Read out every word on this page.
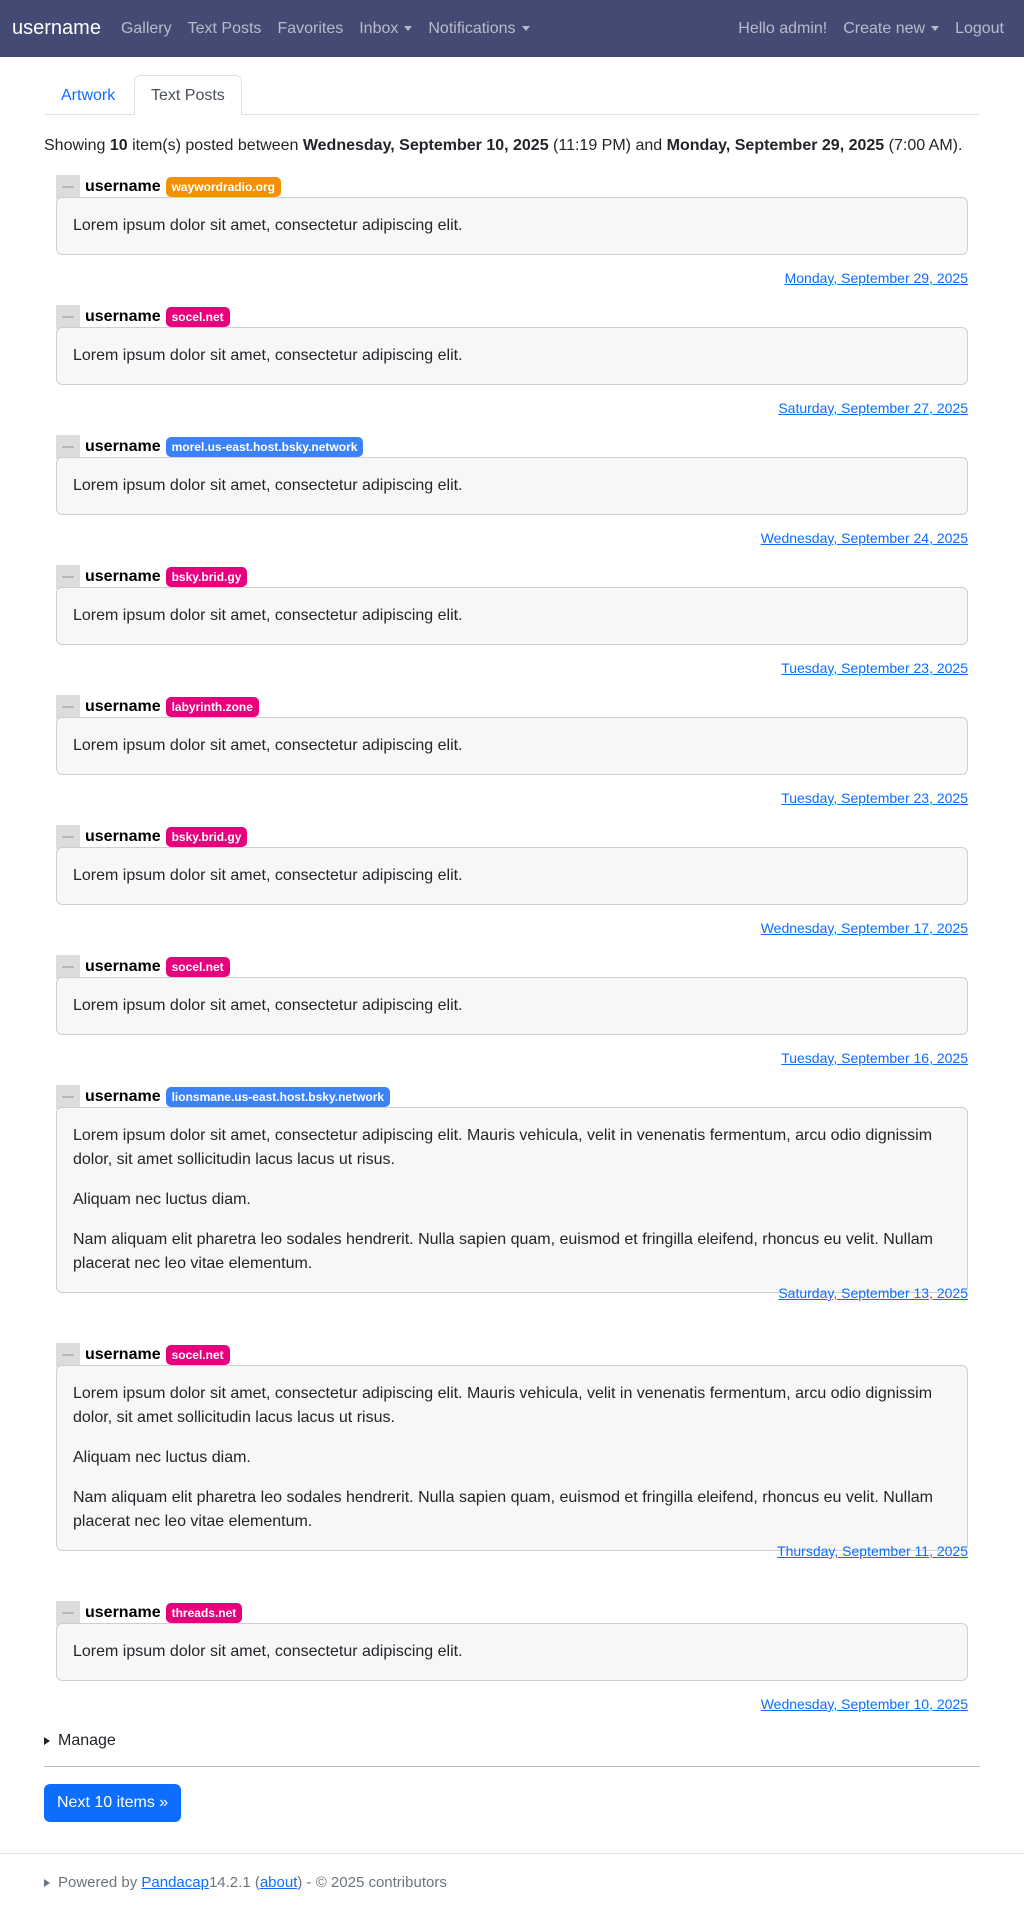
username	Gallery	Text Posts	Favorites	Inbox	Notifications	Hello admin!	Create new	Logout
Artwork	Text Posts
Showing 10 item(s) posted between Wednesday, September 10, 2025 (11:19 PM) and Monday, September 29, 2025 (7:00 AM).
username waywordradio.org

Lorem ipsum dolor sit amet, consectetur adipiscing elit.

Monday, September 29, 2025
username socel.net

Lorem ipsum dolor sit amet, consectetur adipiscing elit.

Saturday, September 27, 2025
username morel.us-east.host.bsky.network

Lorem ipsum dolor sit amet, consectetur adipiscing elit.

Wednesday, September 24, 2025
username bsky.brid.gy

Lorem ipsum dolor sit amet, consectetur adipiscing elit.

Tuesday, September 23, 2025
username labyrinth.zone

Lorem ipsum dolor sit amet, consectetur adipiscing elit.

Tuesday, September 23, 2025
username bsky.brid.gy

Lorem ipsum dolor sit amet, consectetur adipiscing elit.

Wednesday, September 17, 2025
username socel.net

Lorem ipsum dolor sit amet, consectetur adipiscing elit.

Tuesday, September 16, 2025
username lionsmane.us-east.host.bsky.network

Lorem ipsum dolor sit amet, consectetur adipiscing elit. Mauris vehicula, velit in venenatis fermentum, arcu odio dignissim dolor, sit amet sollicitudin lacus lacus ut risus.

Aliquam nec luctus diam.

Nam aliquam elit pharetra leo sodales hendrerit. Nulla sapien quam, euismod et fringilla eleifend, rhoncus eu velit. Nullam placerat nec leo vitae elementum.

Saturday, September 13, 2025
username socel.net

Lorem ipsum dolor sit amet, consectetur adipiscing elit. Mauris vehicula, velit in venenatis fermentum, arcu odio dignissim dolor, sit amet sollicitudin lacus lacus ut risus.

Aliquam nec luctus diam.

Nam aliquam elit pharetra leo sodales hendrerit. Nulla sapien quam, euismod et fringilla eleifend, rhoncus eu velit. Nullam placerat nec leo vitae elementum.

Thursday, September 11, 2025
username threads.net

Lorem ipsum dolor sit amet, consectetur adipiscing elit.

Wednesday, September 10, 2025
Manage
Next 10 items »
Powered by Pandacap14.2.1 (about) - © 2025 contributors
